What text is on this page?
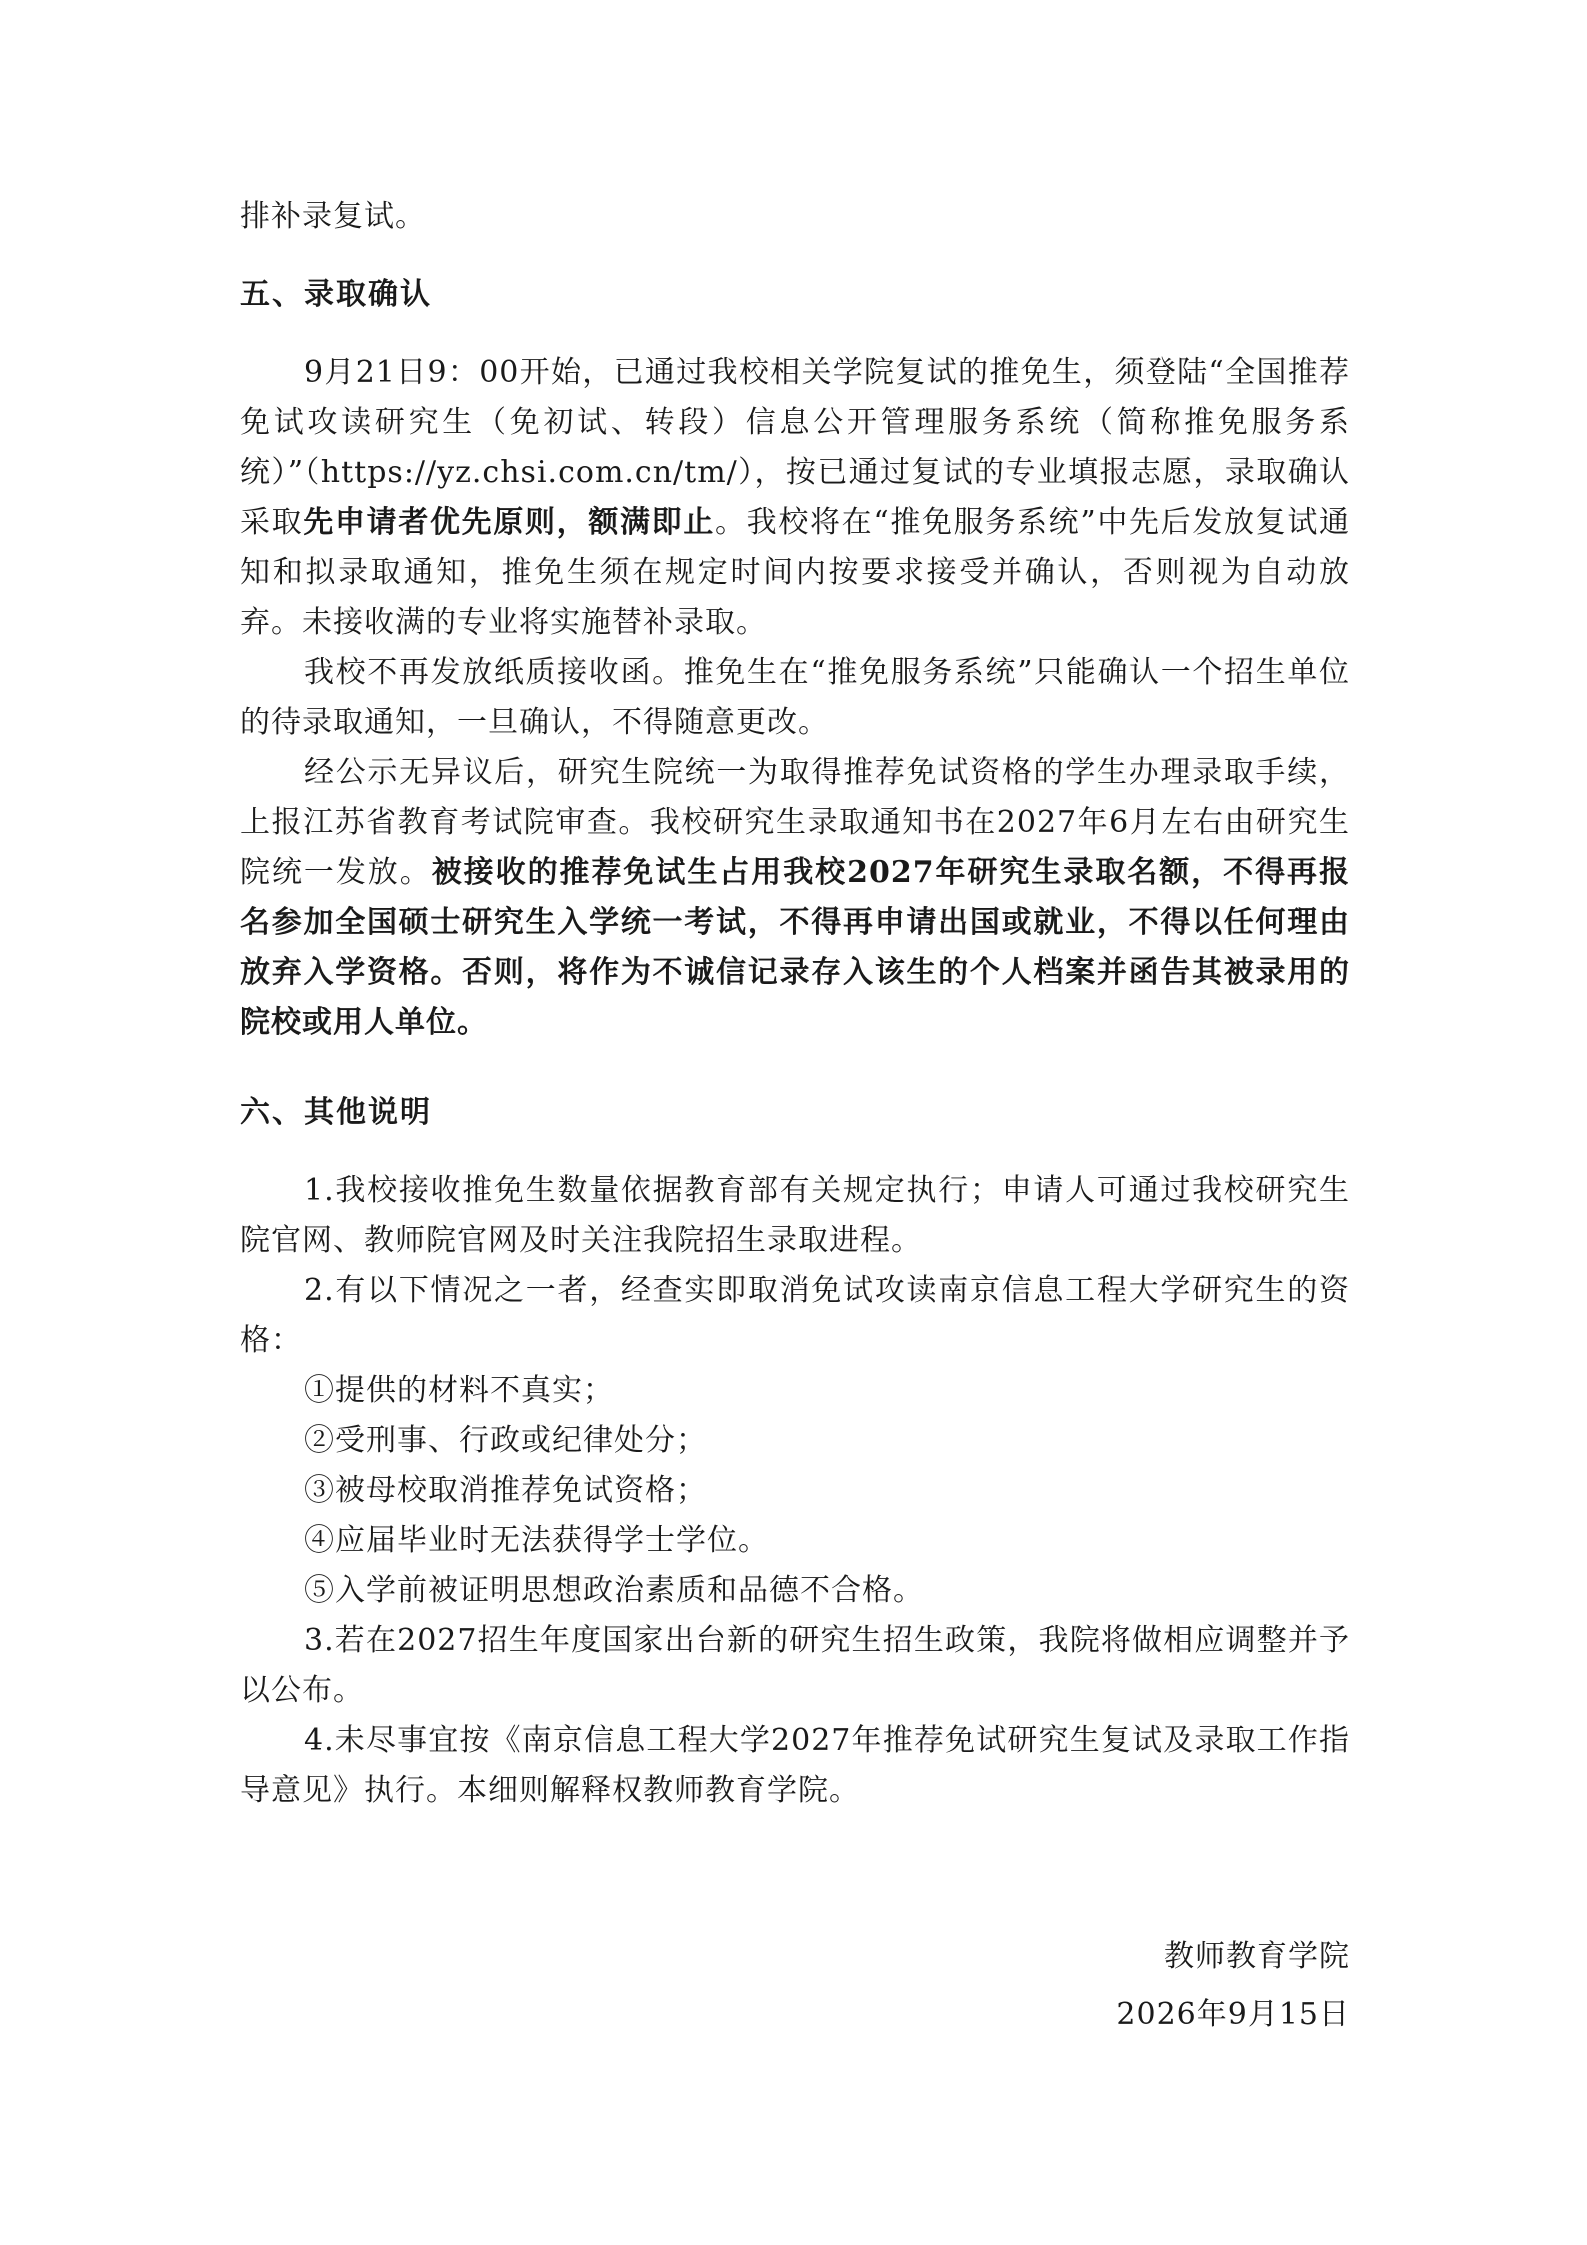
排补录复试。

五、录取确认

9月21日9：00开始，已通过我校相关学院复试的推免生，须登陆“全国推荐免试攻读研究生（免初试、转段）信息公开管理服务系统（简称推免服务系统）”（https://yz.chsi.com.cn/tm/），按已通过复试的专业填报志愿，录取确认采取先申请者优先原则，额满即止。我校将在“推免服务系统”中先后发放复试通知和拟录取通知，推免生须在规定时间内按要求接受并确认，否则视为自动放弃。未接收满的专业将实施替补录取。

我校不再发放纸质接收函。推免生在“推免服务系统”只能确认一个招生单位的待录取通知，一旦确认，不得随意更改。

经公示无异议后，研究生院统一为取得推荐免试资格的学生办理录取手续，上报江苏省教育考试院审查。我校研究生录取通知书在2027年6月左右由研究生院统一发放。被接收的推荐免试生占用我校2027年研究生录取名额，不得再报名参加全国硕士研究生入学统一考试，不得再申请出国或就业，不得以任何理由放弃入学资格。否则，将作为不诚信记录存入该生的个人档案并函告其被录用的院校或用人单位。

六、其他说明

1.我校接收推免生数量依据教育部有关规定执行；申请人可通过我校研究生院官网、教师院官网及时关注我院招生录取进程。

2.有以下情况之一者，经查实即取消免试攻读南京信息工程大学研究生的资格：

①提供的材料不真实；

②受刑事、行政或纪律处分；

③被母校取消推荐免试资格；

④应届毕业时无法获得学士学位。

⑤入学前被证明思想政治素质和品德不合格。

3.若在2027招生年度国家出台新的研究生招生政策，我院将做相应调整并予以公布。

4.未尽事宜按《南京信息工程大学2027年推荐免试研究生复试及录取工作指导意见》执行。本细则解释权教师教育学院。

教师教育学院

2026年9月15日
